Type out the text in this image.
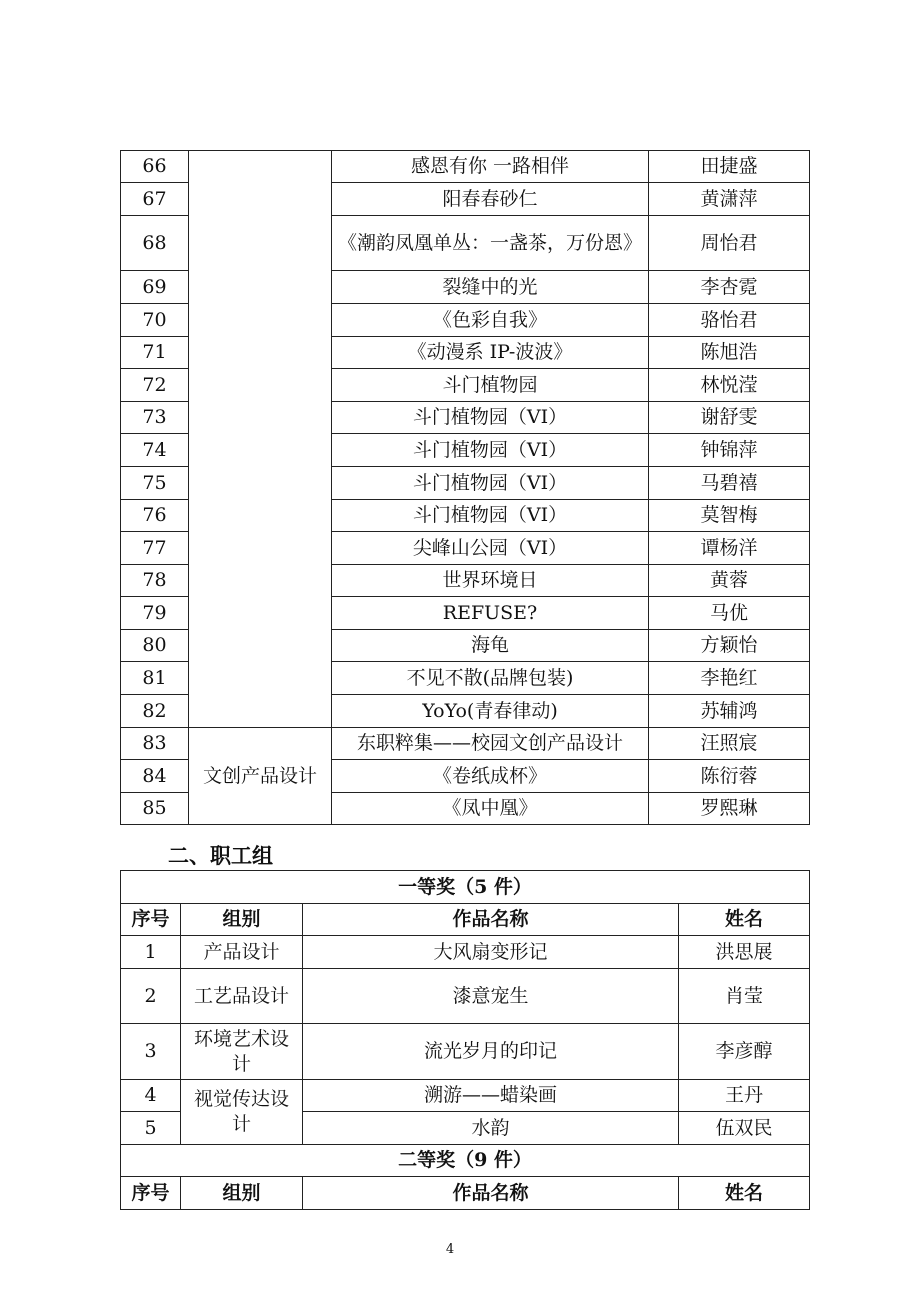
66		感恩有你 一路相伴	田捷盛
67		阳春春砂仁	黄潇萍
68		《潮韵凤凰单丛：一盏茶，万份恩》	周怡君
69		裂缝中的光	李杏霓
70		《色彩自我》	骆怡君
71		《动漫系 IP-波波》	陈旭浩
72		斗门植物园	林悦滢
73		斗门植物园（VI）	谢舒雯
74		斗门植物园（VI）	钟锦萍
75		斗门植物园（VI）	马碧禧
76		斗门植物园（VI）	莫智梅
77		尖峰山公园（VI）	谭杨洋
78		世界环境日	黄蓉
79		REFUSE?	马优
80		海龟	方颖怡
81		不见不散(品牌包装)	李艳红
82		YoYo(青春律动)	苏辅鸿
83	文创产品设计	东职粹集——校园文创产品设计	汪照宸
84		《卷纸成杯》	陈衍蓉
85		《凤中凰》	罗熙琳
二、职工组
一等奖（5 件）			
序号	组别	作品名称	姓名
1	产品设计	大风扇变形记	洪思展
2	工艺品设计	漆意宠生	肖莹
3	环境艺术设计	流光岁月的印记	李彦醇
4	视觉传达设计	溯游——蜡染画	王丹
5		水韵	伍双民
二等奖（9 件）			
序号	组别	作品名称	姓名
4
